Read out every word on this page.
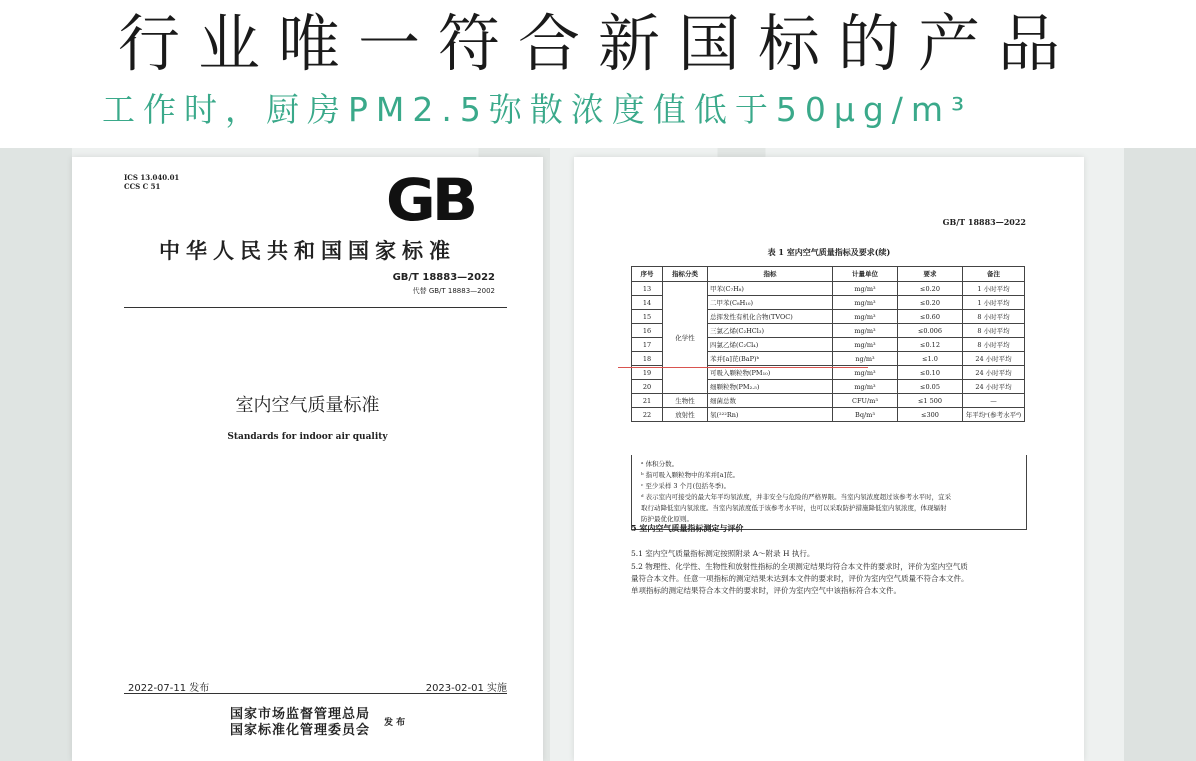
行业唯一符合新国标的产品
工作时，厨房PM2.5弥散浓度值低于50μg/m³
ICS 13.040.01
CCS C 51	GB
中华人民共和国国家标准
GB/T 18883—2022
代替 GB/T 18883—2002
室内空气质量标准
Standards for indoor air quality
2022-07-11 发布	2023-02-01 实施
国家市场监督管理总局
国家标准化管理委员会 发 布
GB/T 18883—2022
表 1 室内空气质量指标及要求(续)
序号	指标分类	指标	计量单位	要求	备注
13	化学性	甲苯(C₇H₈)	mg/m³	≤0.20	1 小时平均
14		二甲苯(C₈H₁₀)	mg/m³	≤0.20	1 小时平均
15		总挥发性有机化合物(TVOC)	mg/m³	≤0.60	8 小时平均
16		三氯乙烯(C₂HCl₃)	mg/m³	≤0.006	8 小时平均
17		四氯乙烯(C₂Cl₄)	mg/m³	≤0.12	8 小时平均
18		苯并[a]芘(BaP)ᵇ	ng/m³	≤1.0	24 小时平均
19		可吸入颗粒物(PM₁₀)	mg/m³	≤0.10	24 小时平均
20		细颗粒物(PM₂.₅)	mg/m³	≤0.05	24 小时平均
21	生物性	细菌总数	CFU/m³	≤1 500	—
22	放射性	氡(²²²Rn)	Bq/m³	≤300	年平均ᶜ(参考水平ᵈ)
ᵃ 体积分数。
ᵇ 指可吸入颗粒物中的苯并[a]芘。
ᶜ 至少采样 3 个月(包括冬季)。
ᵈ 表示室内可接受的最大年平均氡浓度，并非安全与危险的严格界限。当室内氡浓度超过该参考水平时，宜采
取行动降低室内氡浓度。当室内氡浓度低于该参考水平时，也可以采取防护措施降低室内氡浓度，体现辐射
防护最优化原则。
5 室内空气质量指标测定与评价
5.1 室内空气质量指标测定按照附录 A～附录 H 执行。
5.2 物理性、化学性、生物性和放射性指标的全项测定结果均符合本文件的要求时，评价为室内空气质
量符合本文件。任意一项指标的测定结果未达到本文件的要求时，评价为室内空气质量不符合本文件。
单项指标的测定结果符合本文件的要求时，评价为室内空气中该指标符合本文件。
